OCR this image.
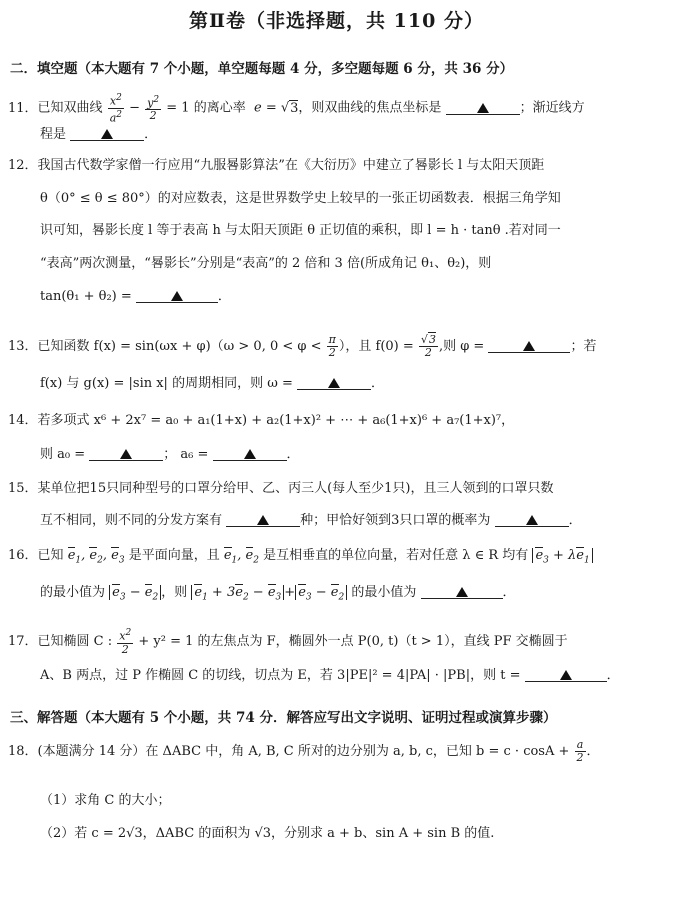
第Ⅱ卷（非选择题，共 110 分）
二．填空题（本大题有 7 个小题，单空题每题 4 分，多空题每题 6 分，共 36 分）
11．已知双曲线 $\frac{x^2}{a^2} - \frac{y^2}{2} = 1$ 的离心率  e = √3，则双曲线的焦点坐标是	；渐近线方
程是	．
12．我国古代数学家僧一行应用“九服晷影算法”在《大衍历》中建立了晷影长 l 与太阳天顶距
θ（0° ≤ θ ≤ 80°）的对应数表，这是世界数学史上较早的一张正切函数表．根据三角学知
识可知，晷影长度 l 等于表高 h 与太阳天顶距 θ 正切值的乘积，即 l = h · tanθ .若对同一
“表高”两次测量，“晷影长”分别是“表高”的 2 倍和 3 倍(所成角记 θ₁、θ₂)，则
tan(θ₁ + θ₂) =	．
13．已知函数 f(x) = sin(ωx + φ)（ω > 0, $0 < \varphi < \frac{\pi}{2}$ ），且 $f(0) = \frac{√3}{2}$ ,则 φ =	；若
f(x) 与 g(x) = |sin x| 的周期相同，则 ω =	．
14．若多项式 x⁶ + 2x⁷ = a₀ + a₁(1+x) + a₂(1+x)² + ⋯ + a₆(1+x)⁶ + a₇(1+x)⁷，
则 a₀ =	； a₆ =	．
15．某单位把15只同种型号的口罩分给甲、乙、丙三人(每人至少1只)，且三人领到的口罩只数
互不相同，则不同的分发方案有	种；甲恰好领到3只口罩的概率为	．
16．已知 $e_1$, $e_2$, $e_3$ 是平面向量，且 $e_1$, $e_2$ 是互相垂直的单位向量，若对任意 λ ∈ R 均有 $e_3 + \lambda e_1$
的最小值为 $e_3 - e_2$ ，则 $e_1 + 3e_2 - e_3 + e_3 - e_2$ 的最小值为	．
17．已知椭圆 C : $\frac{x^2}{2} + y^2 = 1$ 的左焦点为 F，椭圆外一点 P(0, t)（t > 1），直线 PF 交椭圆于
A、B 两点，过 P 作椭圆 C 的切线，切点为 E，若 3|PE|² = 4|PA| · |PB|，则 t =	．
三、解答题（本大题有 5 个小题，共 74 分．解答应写出文字说明、证明过程或演算步骤）
18．(本题满分 14 分）在 ΔABC 中，角 A, B, C 所对的边分别为 a, b, c，已知 $b = c \cdot \cos A + \frac{a}{2}$ ．
（1）求角 C 的大小；
（2）若 c = 2√3，ΔABC 的面积为 √3，分别求 a + b、sin A + sin B 的值.
